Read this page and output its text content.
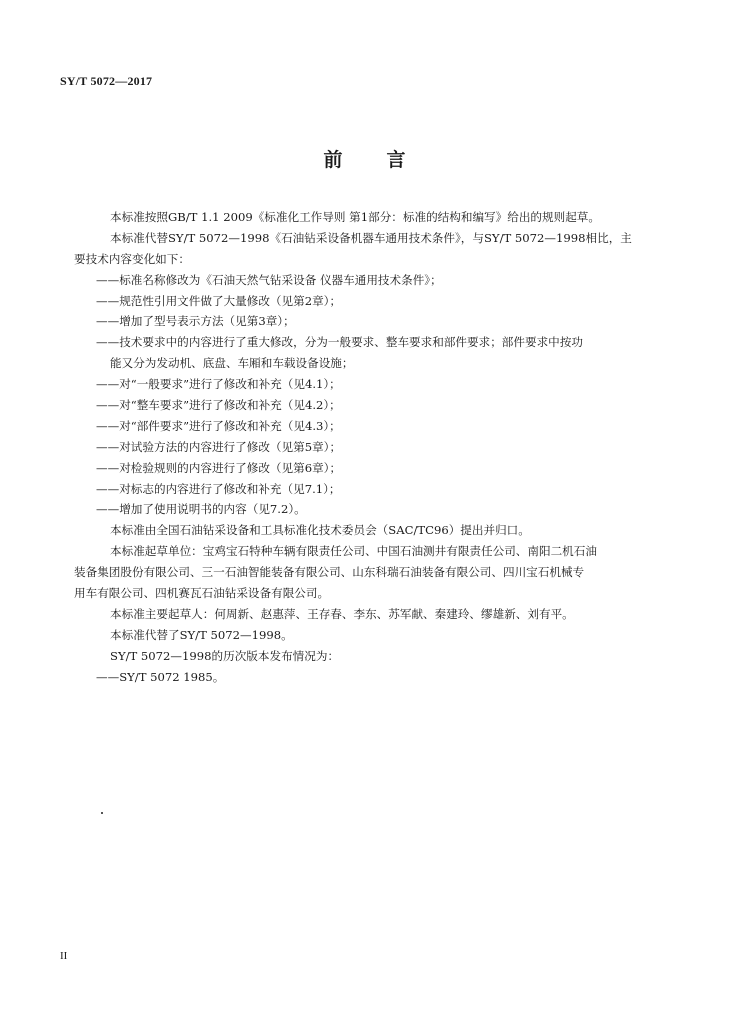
SY/T 5072—2017
前 言
本标准按照GB/T 1.1 2009《标准化工作导则 第1部分：标准的结构和编写》给出的规则起草。
本标准代替SY/T 5072—1998《石油钻采设备机器车通用技术条件》，与SY/T 5072—1998相比，主
要技术内容变化如下：
——标准名称修改为《石油天然气钻采设备 仪器车通用技术条件》；
——规范性引用文件做了大量修改（见第2章）；
——增加了型号表示方法（见第3章）；
——技术要求中的内容进行了重大修改，分为一般要求、整车要求和部件要求；部件要求中按功
能又分为发动机、底盘、车厢和车载设备设施；
——对“一般要求”进行了修改和补充（见4.1）；
——对“整车要求”进行了修改和补充（见4.2）；
——对“部件要求”进行了修改和补充（见4.3）；
——对试验方法的内容进行了修改（见第5章）；
——对检验规则的内容进行了修改（见第6章）；
——对标志的内容进行了修改和补充（见7.1）；
——增加了使用说明书的内容（见7.2）。
本标准由全国石油钻采设备和工具标准化技术委员会（SAC/TC96）提出并归口。
本标准起草单位：宝鸡宝石特种车辆有限责任公司、中国石油测井有限责任公司、南阳二机石油
装备集团股份有限公司、三一石油智能装备有限公司、山东科瑞石油装备有限公司、四川宝石机械专
用车有限公司、四机赛瓦石油钻采设备有限公司。
本标准主要起草人：何周新、赵惠萍、王存春、李东、苏军献、秦建玲、缪雄新、刘有平。
本标准代替了SY/T 5072—1998。
SY/T 5072—1998的历次版本发布情况为：
——SY/T 5072 1985。
II
